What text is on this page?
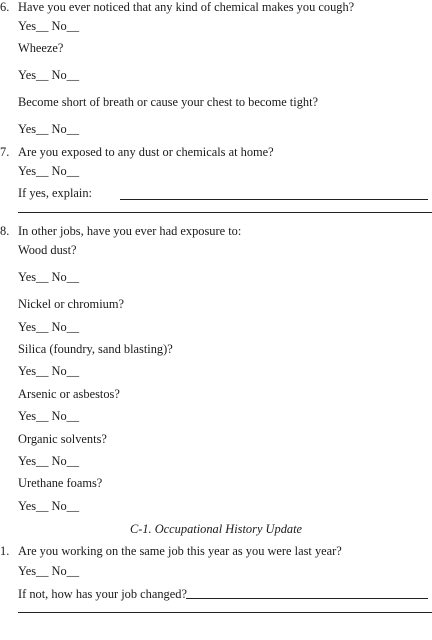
6. Have you ever noticed that any kind of chemical makes you cough?
Yes__ No__
Wheeze?
Yes__ No__
Become short of breath or cause your chest to become tight?
Yes__ No__
7. Are you exposed to any dust or chemicals at home?
Yes__ No__
If yes, explain:
8. In other jobs, have you ever had exposure to:
Wood dust?
Yes__ No__
Nickel or chromium?
Yes__ No__
Silica (foundry, sand blasting)?
Yes__ No__
Arsenic or asbestos?
Yes__ No__
Organic solvents?
Yes__ No__
Urethane foams?
Yes__ No__
C-1. Occupational History Update
1. Are you working on the same job this year as you were last year?
Yes__ No__
If not, how has your job changed?
